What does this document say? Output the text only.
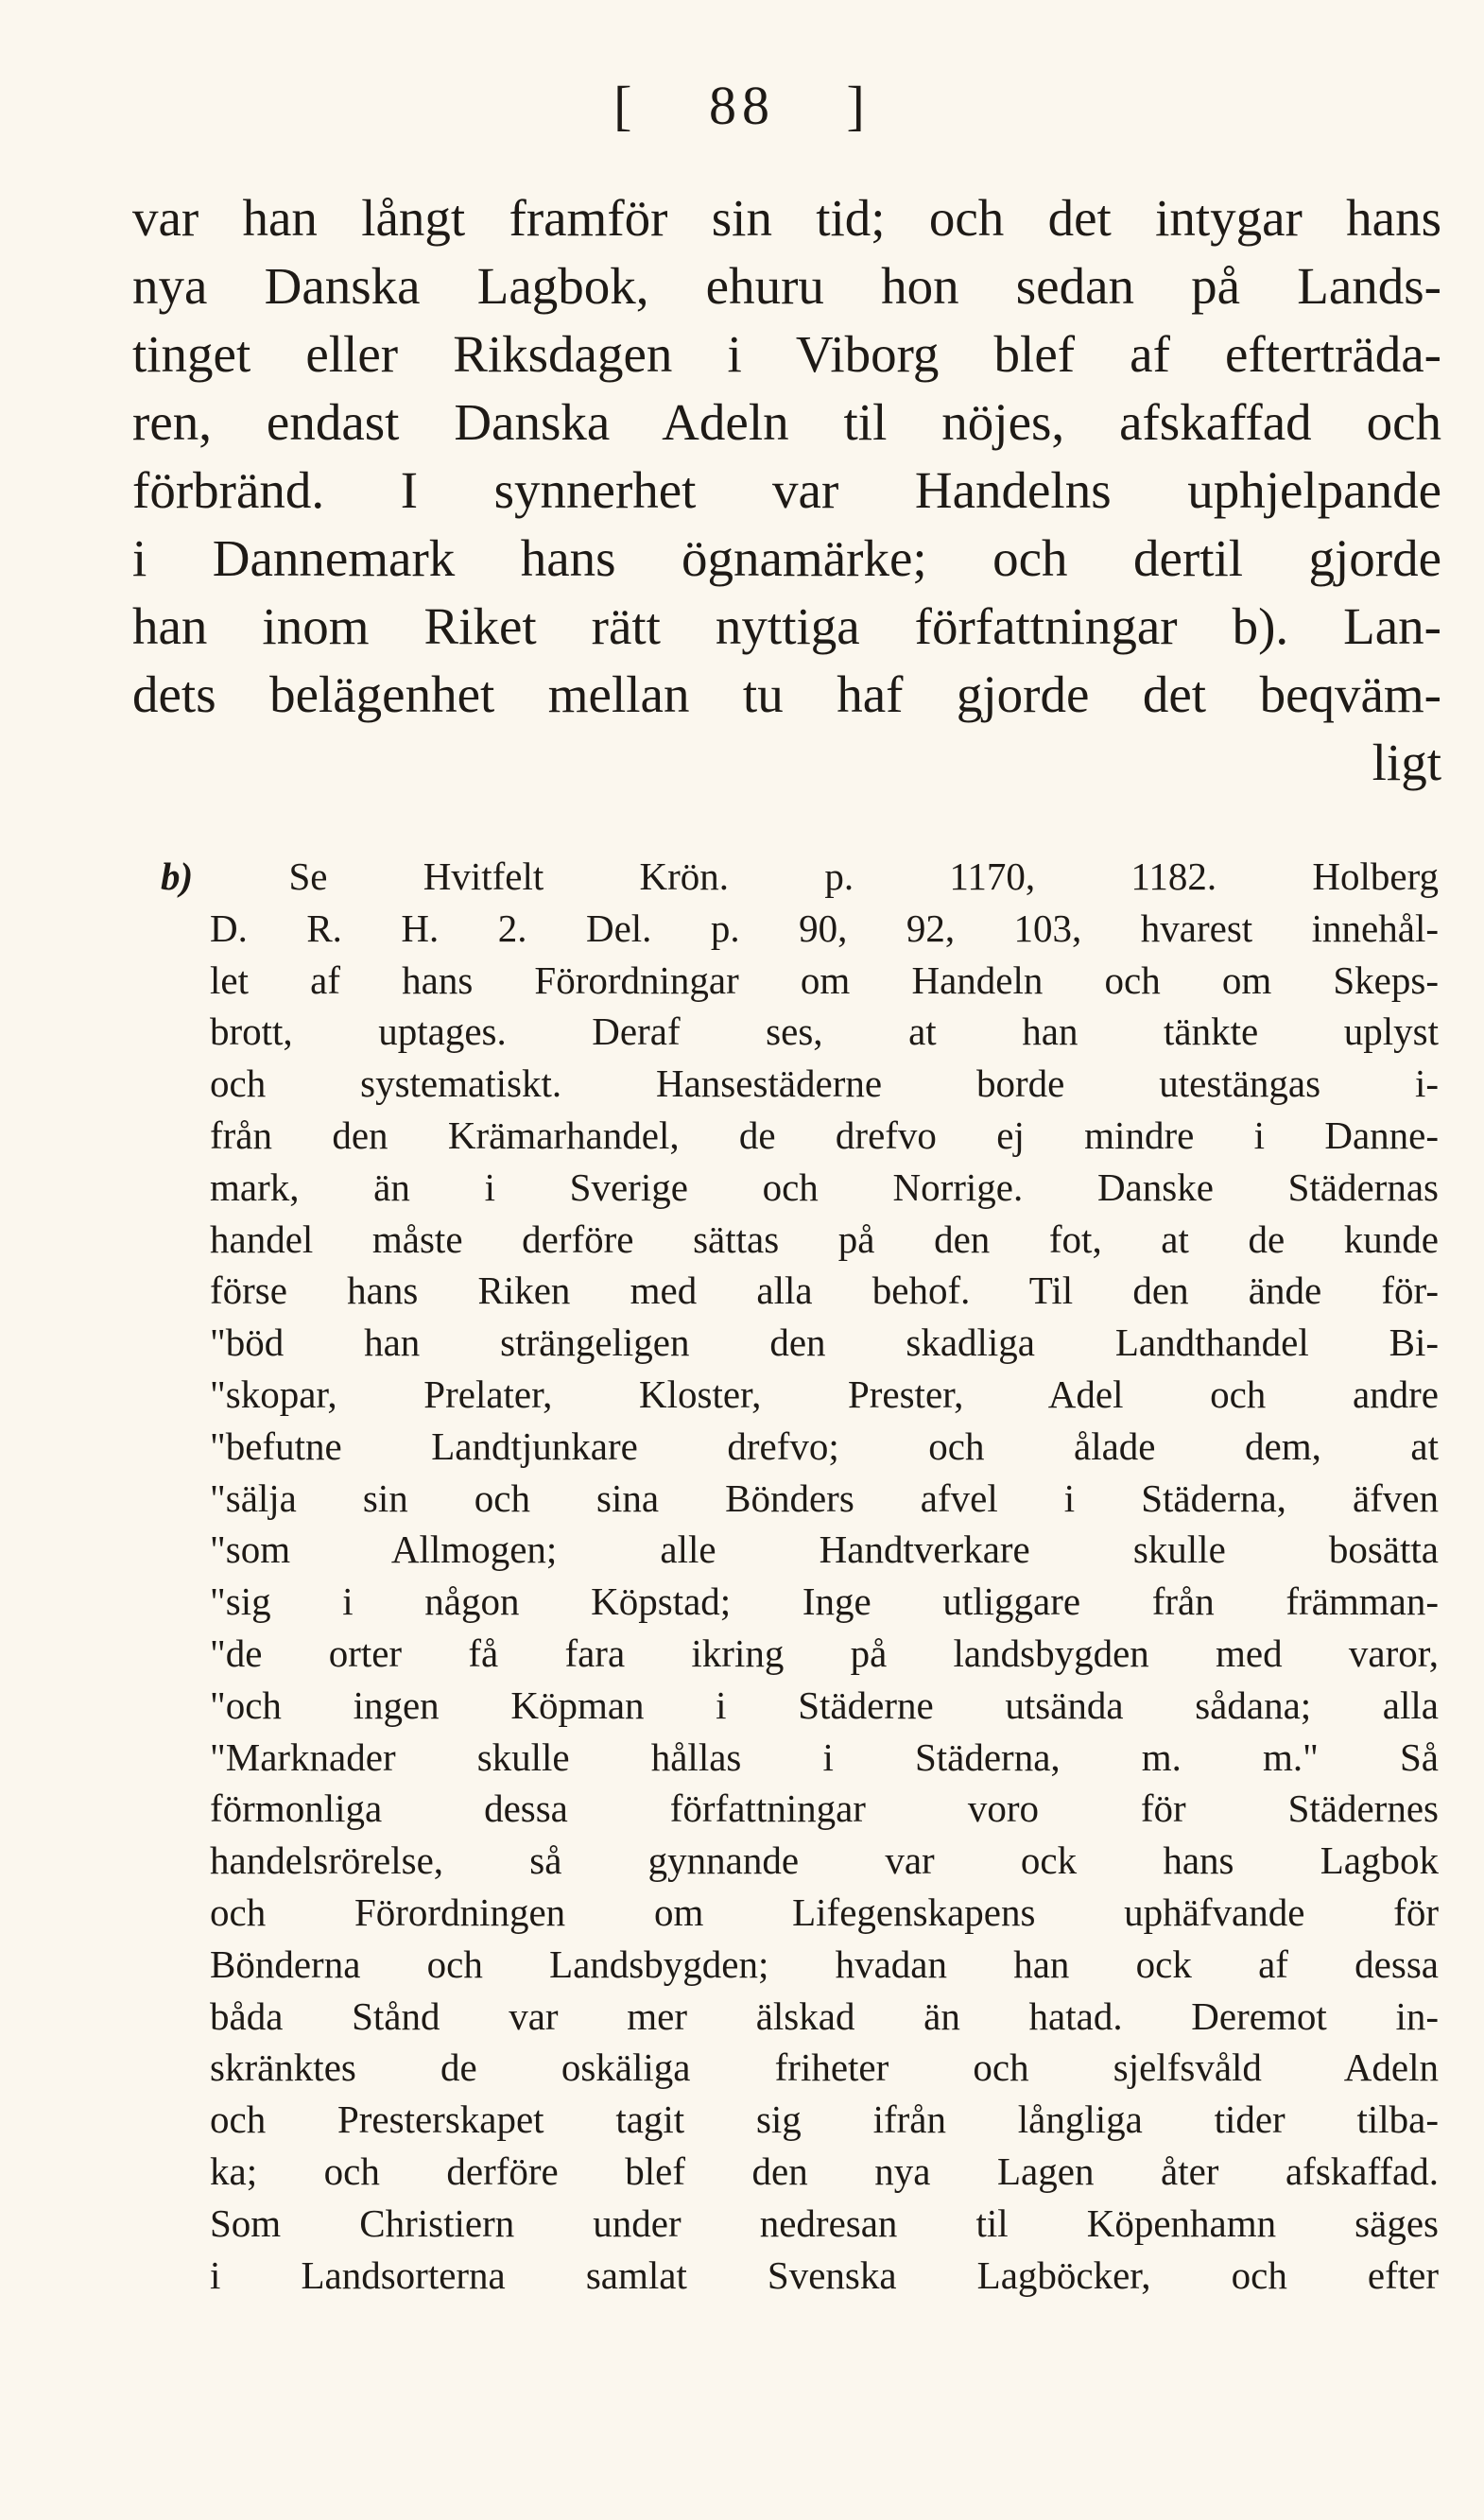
[ 88 ]
var han långt framför sin tid; och det intygar hans
nya Danska Lagbok, ehuru hon sedan på Lands-
tinget eller Riksdagen i Viborg blef af efterträda-
ren, endast Danska Adeln til nöjes, afskaffad och
förbränd. I synnerhet var Handelns uphjelpande
i Dannemark hans ögnamärke; och dertil gjorde
han inom Riket rätt nyttiga författningar b). Lan-
dets belägenhet mellan tu haf gjorde det beqväm-
ligt
b) Se Hvitfelt Krön. p. 1170, 1182. Holberg
D. R. H. 2. Del. p. 90, 92, 103, hvarest innehål-
let af hans Förordningar om Handeln och om Skeps-
brott, uptages. Deraf ses, at han tänkte uplyst
och systematiskt. Hansestäderne borde utestängas i-
från den Krämarhandel, de drefvo ej mindre i Danne-
mark, än i Sverige och Norrige. Danske Städernas
handel måste derföre sättas på den fot, at de kunde
förse hans Riken med alla behof. Til den ände för-
"böd han strängeligen den skadliga Landthandel Bi-
"skopar, Prelater, Kloster, Prester, Adel och andre
"befutne Landtjunkare drefvo; och ålade dem, at
"sälja sin och sina Bönders afvel i Städerna, äfven
"som Allmogen; alle Handtverkare skulle bosätta
"sig i någon Köpstad; Inge utliggare från främman-
"de orter få fara ikring på landsbygden med varor,
"och ingen Köpman i Städerne utsända sådana; alla
"Marknader skulle hållas i Städerna, m. m." Så
förmonliga dessa författningar voro för Städernes
handelsrörelse, så gynnande var ock hans Lagbok
och Förordningen om Lifegenskapens uphäfvande för
Bönderna och Landsbygden; hvadan han ock af dessa
båda Stånd var mer älskad än hatad. Deremot in-
skränktes de oskäliga friheter och sjelfsvåld Adeln
och Presterskapet tagit sig ifrån långliga tider tilba-
ka; och derföre blef den nya Lagen åter afskaffad.
Som Christiern under nedresan til Köpenhamn säges
i Landsorterna samlat Svenska Lagböcker, och efter
